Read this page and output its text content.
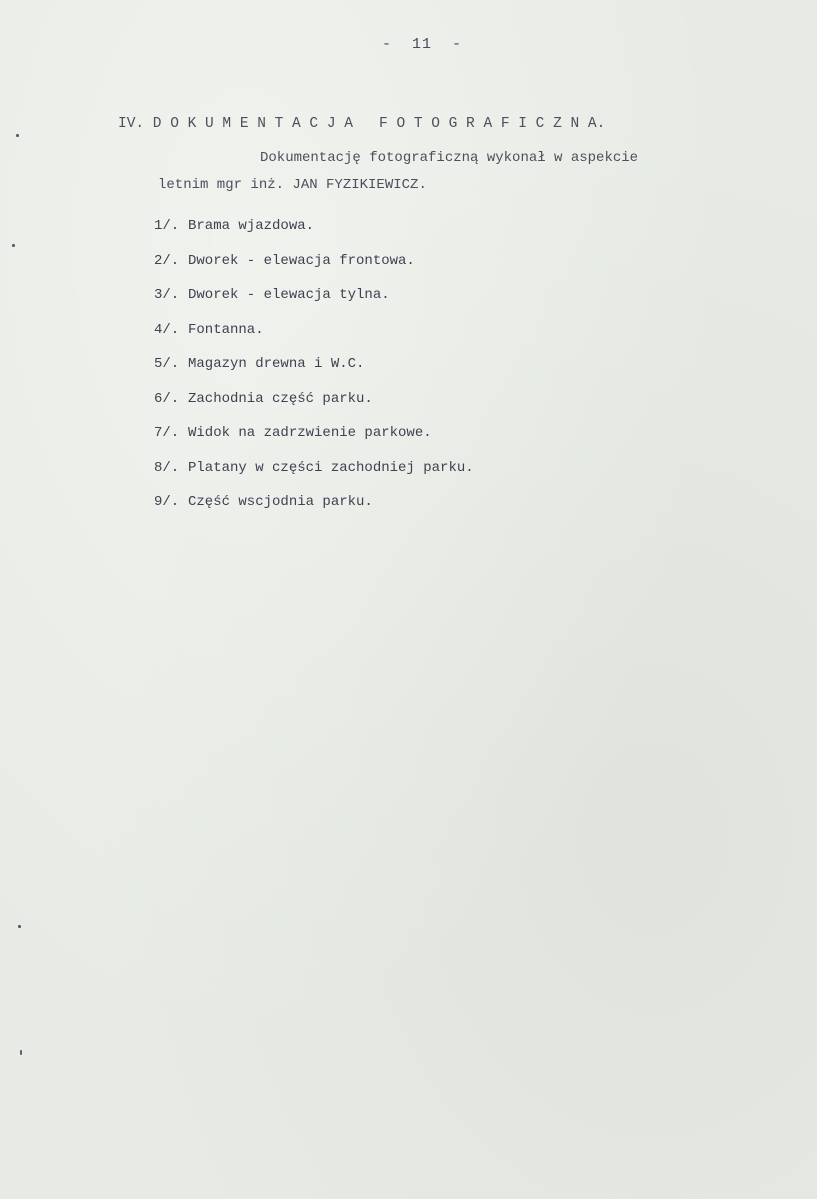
-  11  -
IV. D O K U M E N T A C J A   F O T O G R A F I C Z N A.
Dokumentację fotograficzną wykonał w aspekcie
letnim mgr inż. JAN FYZIKIEWICZ.
1/. Brama wjazdowa.
2/. Dworek - elewacja frontowa.
3/. Dworek - elewacja tylna.
4/. Fontanna.
5/. Magazyn drewna i W.C.
6/. Zachodnia część parku.
7/. Widok na zadrzwienie parkowe.
8/. Platany w części zachodniej parku.
9/. Część wscjodnia parku.
